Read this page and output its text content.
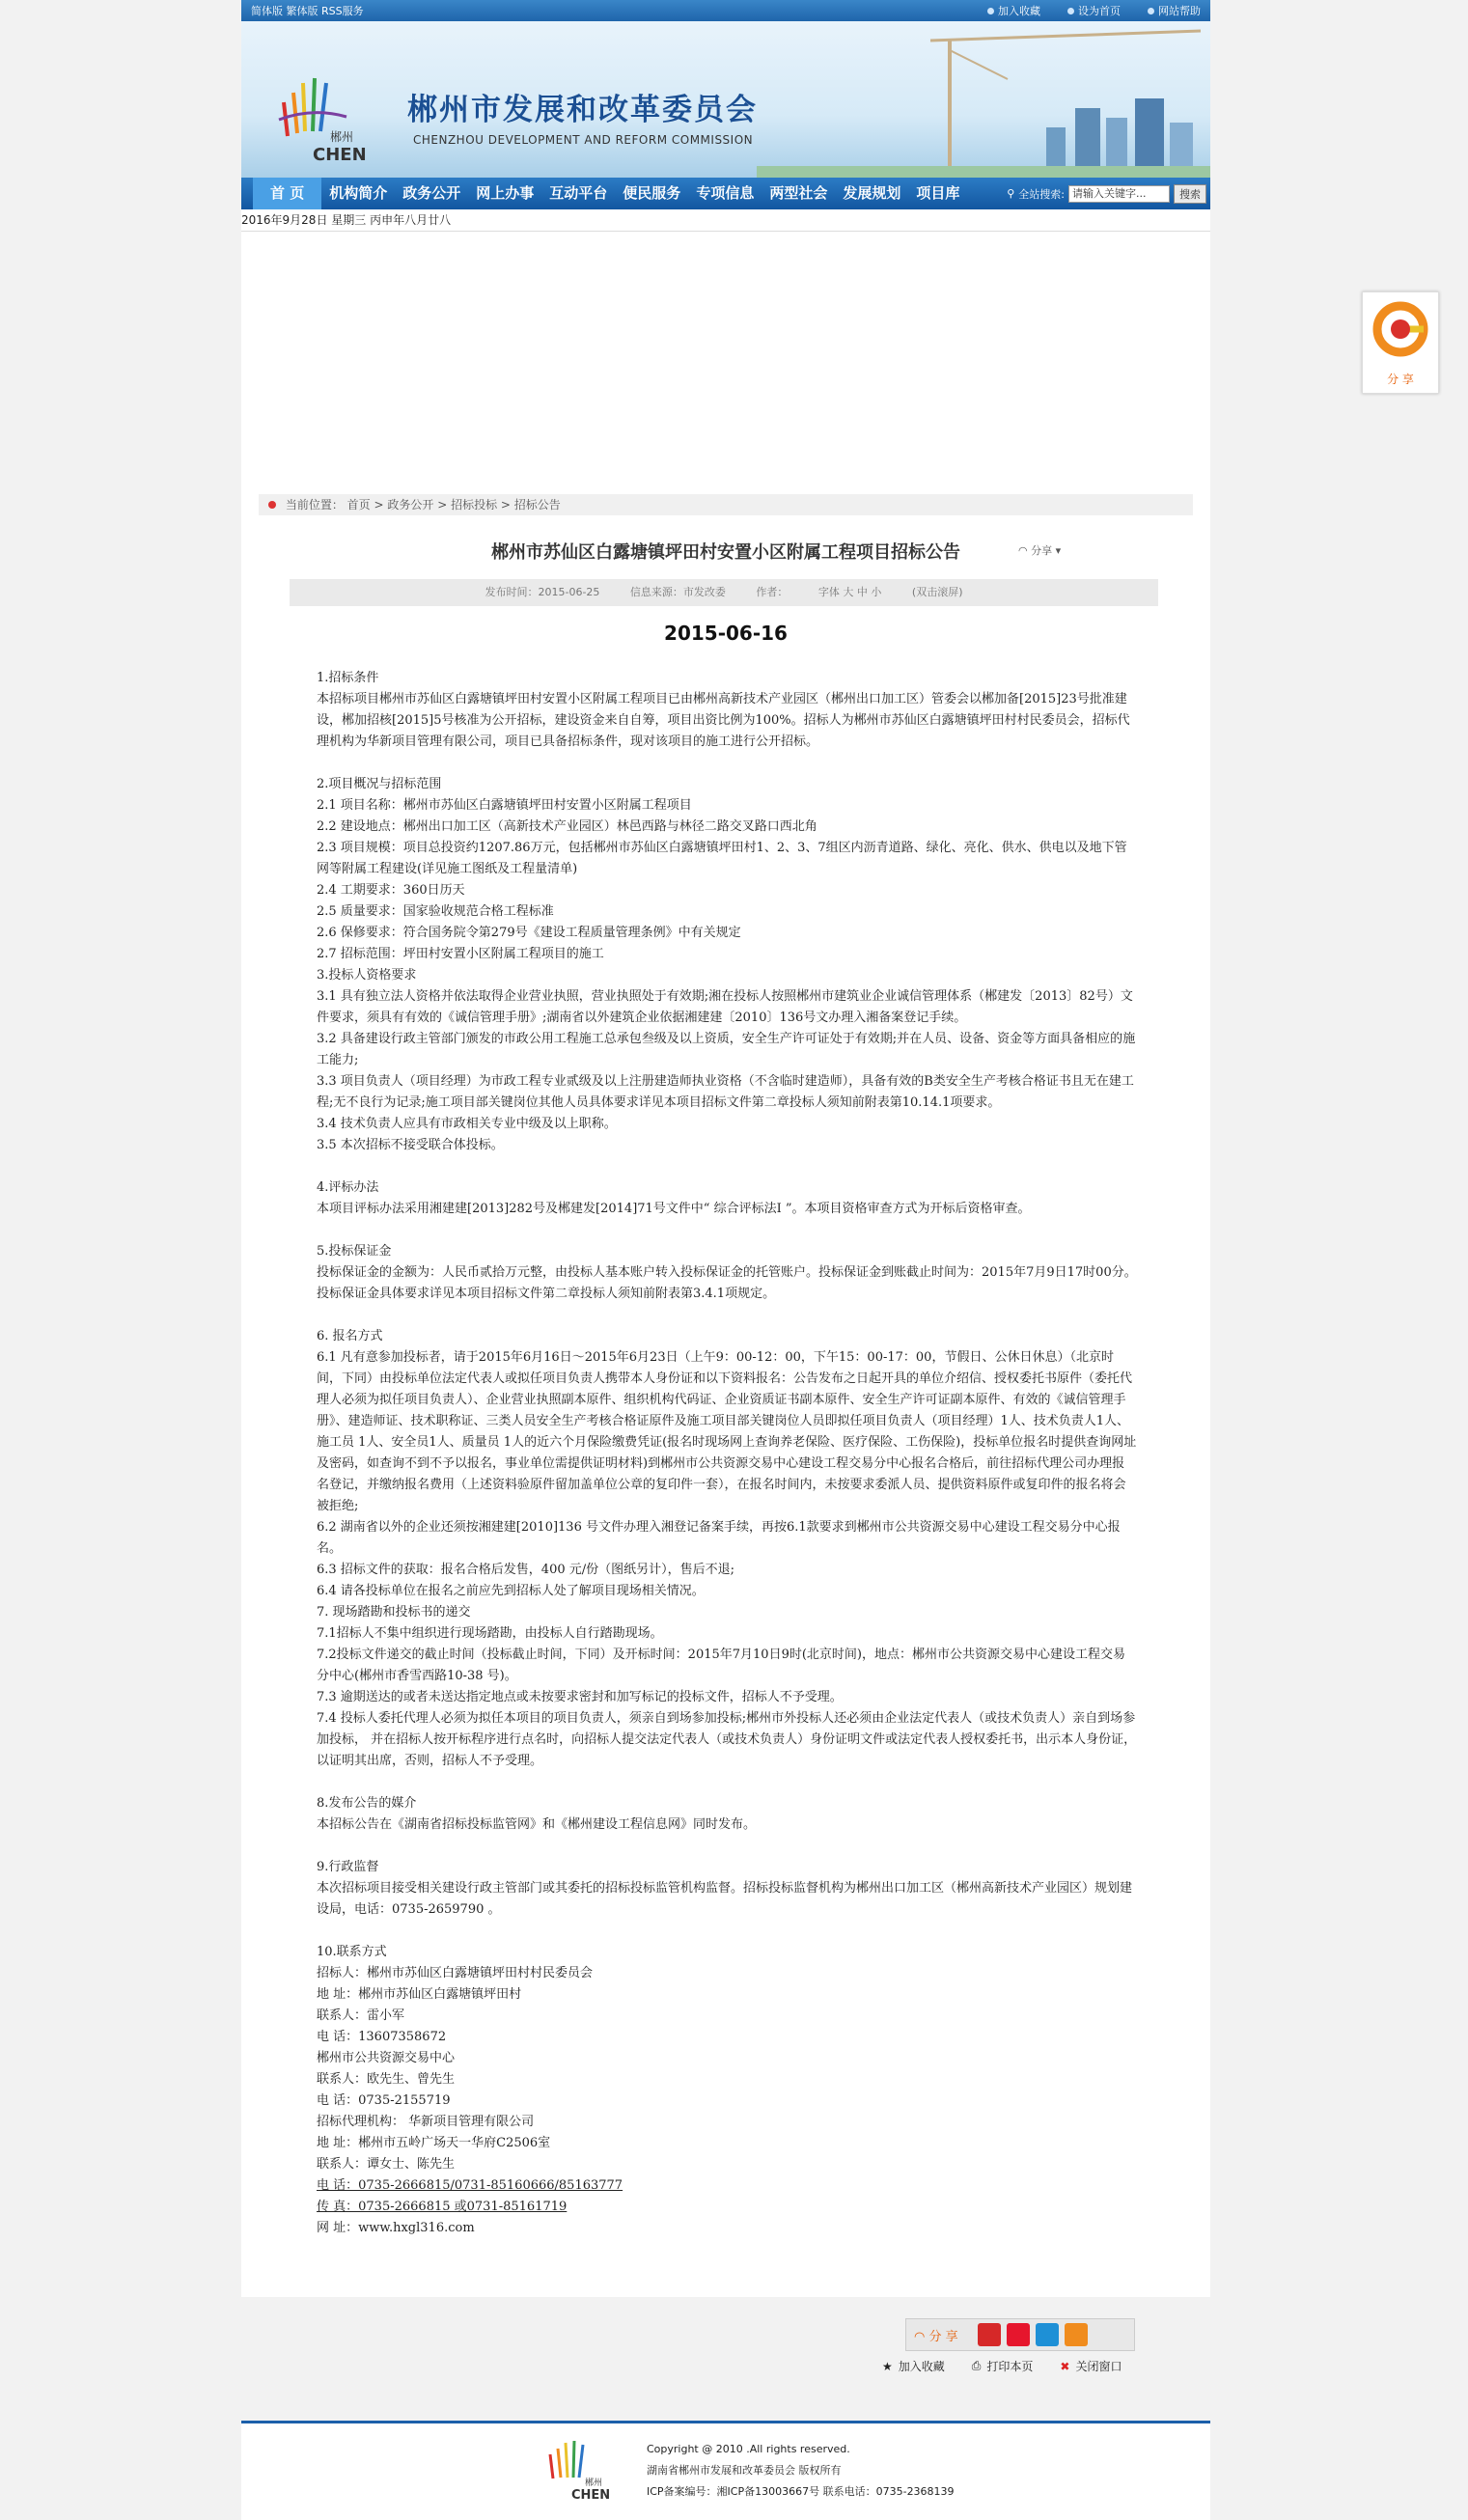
简体版 繁体版 RSS服务	加入收藏	设为首页	网站帮助
郴州
CHEN
郴州市发展和改革委员会
CHENZHOU DEVELOPMENT AND REFORM COMMISSION
首 页	机构简介	政务公开	网上办事	互动平台	便民服务	专项信息	两型社会	发展规划	项目库	⚲ 全站搜索: 请输入关键字...	搜索
2016年9月28日 星期三 丙申年八月廿八
当前位置： 首页 > 政务公开 > 招标投标 > 招标公告
郴州市苏仙区白露塘镇坪田村安置小区附属工程项目招标公告	◠ 分享 ▾
发布时间：2015-06-25	信息来源：市发改委	作者：	字体 大 中 小	(双击滚屏)
2015-06-16

1.招标条件

本招标项目郴州市苏仙区白露塘镇坪田村安置小区附属工程项目已由郴州高新技术产业园区（郴州出口加工区）管委会以郴加备[2015]23号批准建设，郴加招核[2015]5号核准为公开招标，建设资金来自自筹，项目出资比例为100%。招标人为郴州市苏仙区白露塘镇坪田村村民委员会，招标代理机构为华新项目管理有限公司，项目已具备招标条件，现对该项目的施工进行公开招标。

2.项目概况与招标范围

2.1 项目名称：郴州市苏仙区白露塘镇坪田村安置小区附属工程项目

2.2 建设地点：郴州出口加工区（高新技术产业园区）林邑西路与林径二路交叉路口西北角

2.3 项目规模：项目总投资约1207.86万元，包括郴州市苏仙区白露塘镇坪田村1、2、3、7组区内沥青道路、绿化、亮化、供水、供电以及地下管网等附属工程建设(详见施工图纸及工程量清单)

2.4 工期要求：360日历天

2.5 质量要求：国家验收规范合格工程标准

2.6 保修要求：符合国务院令第279号《建设工程质量管理条例》中有关规定

2.7 招标范围：坪田村安置小区附属工程项目的施工

3.投标人资格要求

3.1 具有独立法人资格并依法取得企业营业执照，营业执照处于有效期;湘在投标人按照郴州市建筑业企业诚信管理体系（郴建发〔2013〕82号）文件要求，须具有有效的《诚信管理手册》;湖南省以外建筑企业依据湘建建〔2010〕136号文办理入湘备案登记手续。

3.2 具备建设行政主管部门颁发的市政公用工程施工总承包叁级及以上资质，安全生产许可证处于有效期;并在人员、设备、资金等方面具备相应的施工能力;

3.3 项目负责人（项目经理）为市政工程专业贰级及以上注册建造师执业资格（不含临时建造师），具备有效的B类安全生产考核合格证书且无在建工程;无不良行为记录;施工项目部关键岗位其他人员具体要求详见本项目招标文件第二章投标人须知前附表第10.14.1项要求。

3.4 技术负责人应具有市政相关专业中级及以上职称。

3.5 本次招标不接受联合体投标。

4.评标办法

本项目评标办法采用湘建建[2013]282号及郴建发[2014]71号文件中“ 综合评标法Ⅰ ”。本项目资格审查方式为开标后资格审查。

5.投标保证金

投标保证金的金额为：人民币贰拾万元整，由投标人基本账户转入投标保证金的托管账户。投标保证金到账截止时间为：2015年7月9日17时00分。投标保证金具体要求详见本项目招标文件第二章投标人须知前附表第3.4.1项规定。

6. 报名方式

6.1 凡有意参加投标者，请于2015年6月16日～2015年6月23日（上午9：00-12：00，下午15：00-17：00，节假日、公休日休息）（北京时间，下同）由投标单位法定代表人或拟任项目负责人携带本人身份证和以下资料报名：公告发布之日起开具的单位介绍信、授权委托书原件（委托代理人必须为拟任项目负责人）、企业营业执照副本原件、组织机构代码证、企业资质证书副本原件、安全生产许可证副本原件、有效的《诚信管理手册》、建造师证、技术职称证、三类人员安全生产考核合格证原件及施工项目部关键岗位人员即拟任项目负责人（项目经理）1人、技术负责人1人、施工员 1人、安全员1人、质量员 1人的近六个月保险缴费凭证(报名时现场网上查询养老保险、医疗保险、工伤保险)，投标单位报名时提供查询网址及密码，如查询不到不予以报名，事业单位需提供证明材料)到郴州市公共资源交易中心建设工程交易分中心报名合格后，前往招标代理公司办理报名登记，并缴纳报名费用（上述资料验原件留加盖单位公章的复印件一套），在报名时间内，未按要求委派人员、提供资料原件或复印件的报名将会被拒绝;

6.2 湖南省以外的企业还须按湘建建[2010]136 号文件办理入湘登记备案手续，再按6.1款要求到郴州市公共资源交易中心建设工程交易分中心报名。

6.3 招标文件的获取：报名合格后发售，400 元/份（图纸另计），售后不退;

6.4 请各投标单位在报名之前应先到招标人处了解项目现场相关情况。

7. 现场踏勘和投标书的递交

7.1招标人不集中组织进行现场踏勘，由投标人自行踏勘现场。

7.2投标文件递交的截止时间（投标截止时间，下同）及开标时间：2015年7月10日9时(北京时间)，地点：郴州市公共资源交易中心建设工程交易分中心(郴州市香雪西路10-38 号)。

7.3 逾期送达的或者未送达指定地点或未按要求密封和加写标记的投标文件，招标人不予受理。

7.4 投标人委托代理人必须为拟任本项目的项目负责人，须亲自到场参加投标;郴州市外投标人还必须由企业法定代表人（或技术负责人）亲自到场参加投标， 并在招标人按开标程序进行点名时，向招标人提交法定代表人（或技术负责人）身份证明文件或法定代表人授权委托书，出示本人身份证，以证明其出席，否则，招标人不予受理。

8.发布公告的媒介

本招标公告在《湖南省招标投标监管网》和《郴州建设工程信息网》同时发布。

9.行政监督

本次招标项目接受相关建设行政主管部门或其委托的招标投标监管机构监督。招标投标监督机构为郴州出口加工区（郴州高新技术产业园区）规划建设局，电话：0735-2659790 。

10.联系方式

招标人：郴州市苏仙区白露塘镇坪田村村民委员会

地 址：郴州市苏仙区白露塘镇坪田村

联系人：雷小军

电 话：13607358672

郴州市公共资源交易中心

联系人：欧先生、曾先生

电 话：0735-2155719

招标代理机构： 华新项目管理有限公司

地 址：郴州市五岭广场天一华府C2506室

联系人：谭女士、陈先生

电 话：0735-2666815/0731-85160666/85163777

传 真：0735-2666815 或0731-85161719

网 址：www.hxgl316.com

◠ 分 享
★ 加入收藏 ⎙ 打印本页 ✖ 关闭窗口
郴州
CHEN
Copyright @ 2010 .All rights reserved.
湖南省郴州市发展和改革委员会 版权所有
ICP备案编号：湘ICP备13003667号 联系电话：0735-2368139
分 享
